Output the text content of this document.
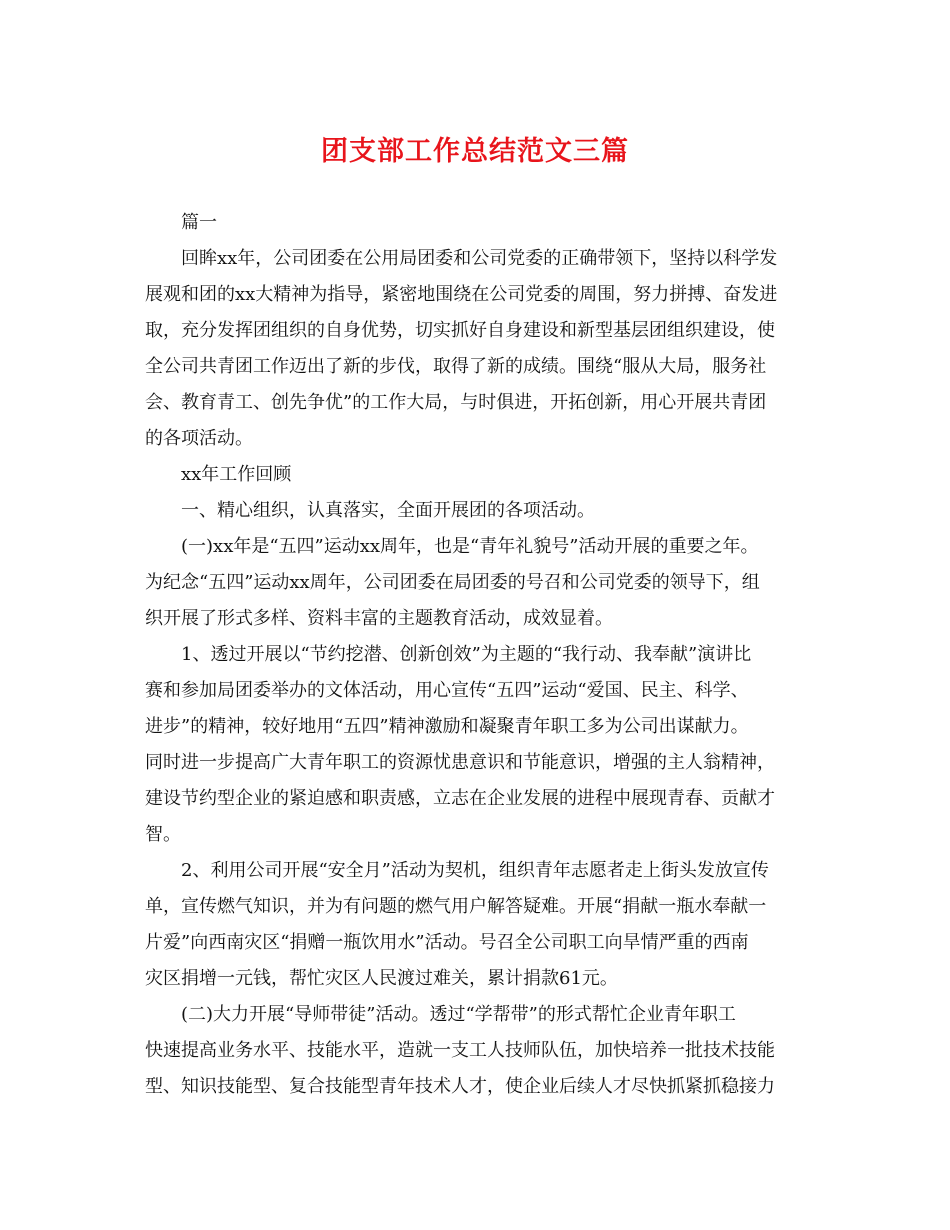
团支部工作总结范文三篇

篇一

回眸xx年，公司团委在公用局团委和公司党委的正确带领下，坚持以科学发
展观和团的xx大精神为指导，紧密地围绕在公司党委的周围，努力拼搏、奋发进
取，充分发挥团组织的自身优势，切实抓好自身建设和新型基层团组织建设，使
全公司共青团工作迈出了新的步伐，取得了新的成绩。围绕“服从大局，服务社
会、教育青工、创先争优”的工作大局，与时俱进，开拓创新，用心开展共青团
的各项活动。

xx年工作回顾

一、精心组织，认真落实，全面开展团的各项活动。

(一)xx年是“五四”运动xx周年，也是“青年礼貌号”活动开展的重要之年。
为纪念“五四”运动xx周年，公司团委在局团委的号召和公司党委的领导下，组
织开展了形式多样、资料丰富的主题教育活动，成效显着。

1、透过开展以“节约挖潜、创新创效”为主题的“我行动、我奉献”演讲比
赛和参加局团委举办的文体活动，用心宣传“五四”运动“爱国、民主、科学、
进步”的精神，较好地用“五四”精神激励和凝聚青年职工多为公司出谋献力。
同时进一步提高广大青年职工的资源忧患意识和节能意识，增强的主人翁精神，
建设节约型企业的紧迫感和职责感，立志在企业发展的进程中展现青春、贡献才
智。

2、利用公司开展“安全月”活动为契机，组织青年志愿者走上街头发放宣传
单，宣传燃气知识，并为有问题的燃气用户解答疑难。开展“捐献一瓶水奉献一
片爱”向西南灾区“捐赠一瓶饮用水”活动。号召全公司职工向旱情严重的西南
灾区捐增一元钱，帮忙灾区人民渡过难关，累计捐款61元。

(二)大力开展“导师带徒”活动。透过“学帮带”的形式帮忙企业青年职工
快速提高业务水平、技能水平，造就一支工人技师队伍，加快培养一批技术技能
型、知识技能型、复合技能型青年技术人才，使企业后续人才尽快抓紧抓稳接力
